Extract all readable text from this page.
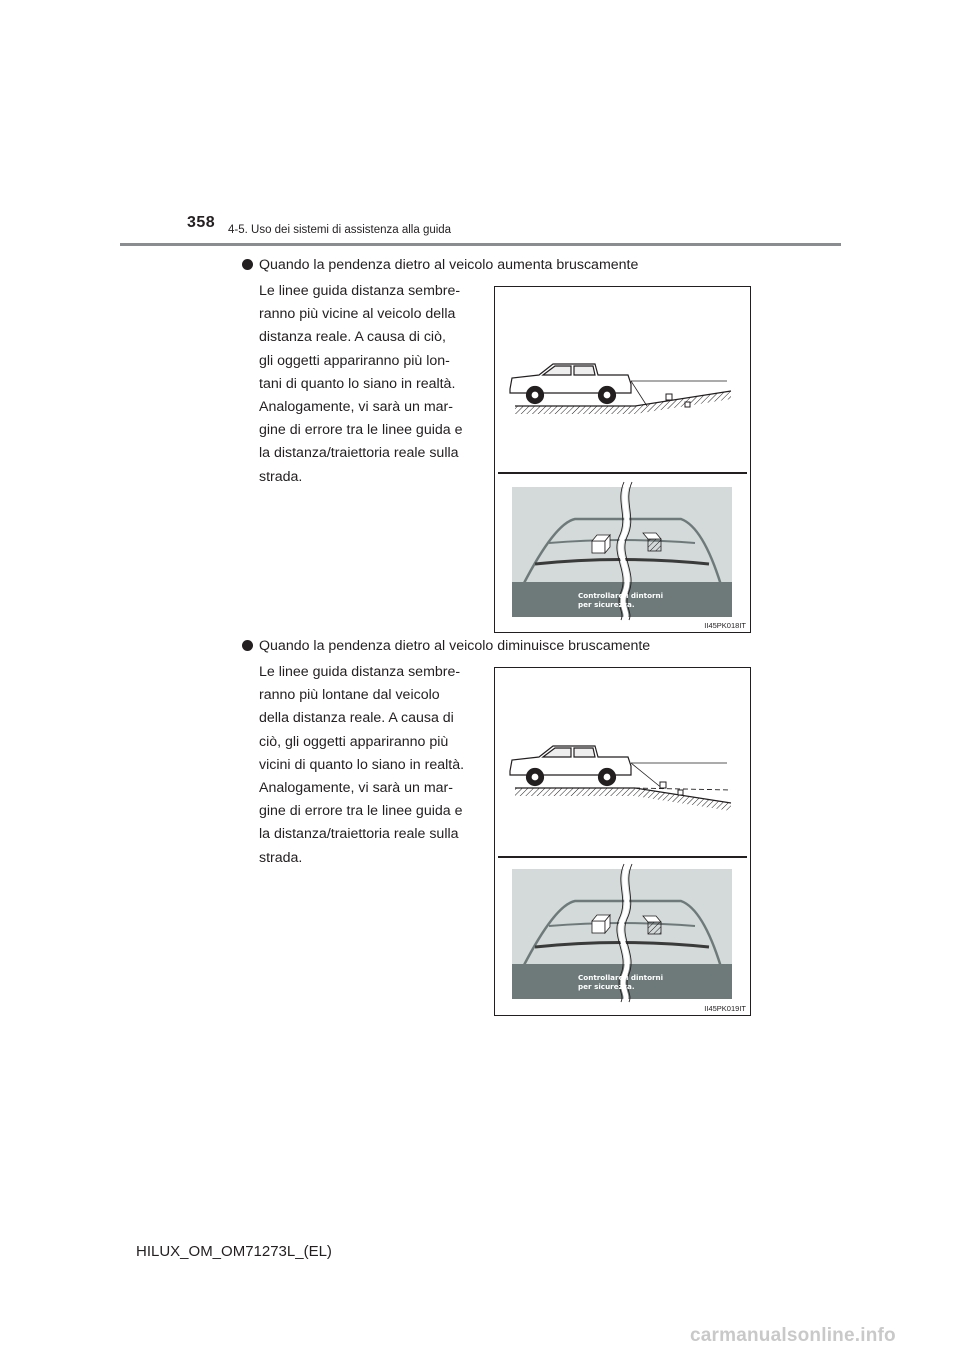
358 4-5. Uso dei sistemi di assistenza alla guida
Quando la pendenza dietro al veicolo aumenta bruscamente
Le linee guida distanza sembre-
ranno più vicine al veicolo della
distanza reale. A causa di ciò,
gli oggetti appariranno più lon-
tani di quanto lo siano in realtà.
Analogamente, vi sarà un mar-
gine di errore tra le linee guida e
la distanza/traiettoria reale sulla
strada.
Controllare i dintorni
per sicurezza.
II45PK018IT
Quando la pendenza dietro al veicolo diminuisce bruscamente
Le linee guida distanza sembre-
ranno più lontane dal veicolo
della distanza reale. A causa di
ciò, gli oggetti appariranno più
vicini di quanto lo siano in realtà.
Analogamente, vi sarà un mar-
gine di errore tra le linee guida e
la distanza/traiettoria reale sulla
strada.
Controllare i dintorni
per sicurezza.
II45PK019IT
HILUX_OM_OM71273L_(EL)
carmanualsonline.info
